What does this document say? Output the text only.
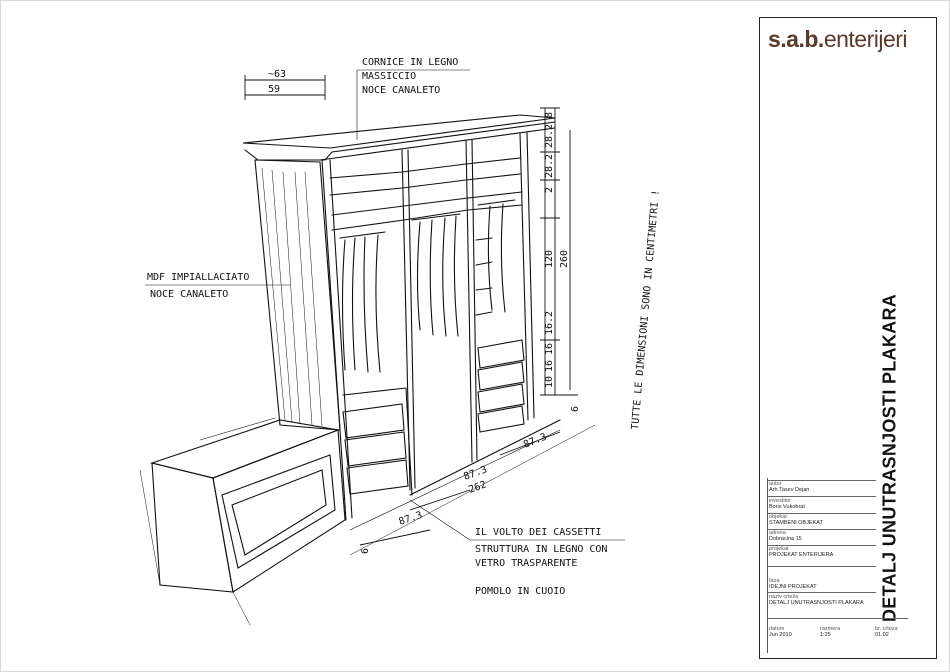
CORNICE IN LEGNO
MASSICCIO
NOCE CANALETO
MDF IMPIALLACIATO
NOCE CANALETO
IL VOLTO DEI CASSETTI
STRUTTURA IN LEGNO CON
VETRO TRASPARENTE
POMOLO IN CUOIO
TUTTE LE DIMENSIONI SONO IN CENTIMETRI !
~63
59
8
28.2
28.2
2
120 260
16.2
16
16
10
6
87.3
87.3
262
87.3
6
s.a.b.enterijeri
DETALJ UNUTRASNJOSTI PLAKARA
autor
Arh.Tasev Dejan
investitor
Boris Vukobrat
objekat
STAMBENI OBJEKAT
adresa
Dobracina 15
projekat
PROJEKAT ENTERIJERA
faza
IDEJNI PROJEKAT
naziv crteža
DETALJ UNUTRASNJOSTI PLAKARA
datum
Jun 2010
razmera
1:25
br. crteza
01.02
